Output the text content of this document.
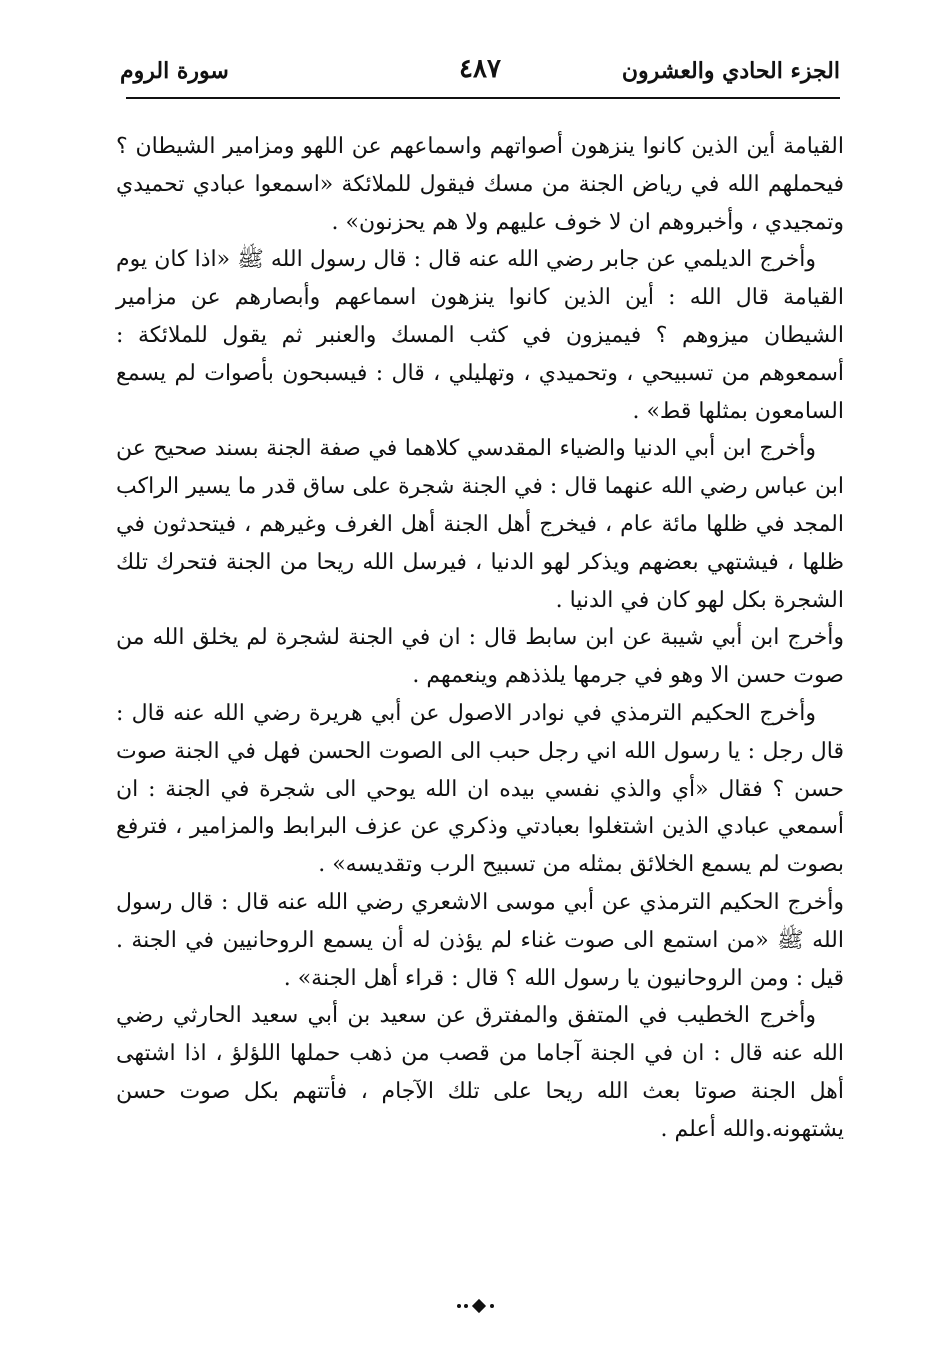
الجزء الحادي والعشرون
٤٨٧
سورة الروم

القيامة أين الذين كانوا ينزهون أصواتهم واسماعهم عن اللهو ومزامير الشيطان ؟ فيحملهم الله في رياض الجنة من مسك فيقول للملائكة «اسمعوا عبادي تحميدي وتمجيدي ، وأخبروهم ان لا خوف عليهم ولا هم يحزنون» .

وأخرج الديلمي عن جابر رضي الله عنه قال : قال رسول الله ﷺ «اذا كان يوم القيامة قال الله : أين الذين كانوا ينزهون اسماعهم وأبصارهم عن مزامير الشيطان ميزوهم ؟ فيميزون في كثب المسك والعنبر ثم يقول للملائكة : أسمعوهم من تسبيحي ، وتحميدي ، وتهليلي ، قال : فيسبحون بأصوات لم يسمع السامعون بمثلها قط» .

وأخرج ابن أبي الدنيا والضياء المقدسي كلاهما في صفة الجنة بسند صحيح عن ابن عباس رضي الله عنهما قال : في الجنة شجرة على ساق قدر ما يسير الراكب المجد في ظلها مائة عام ، فيخرج أهل الجنة أهل الغرف وغيرهم ، فيتحدثون في ظلها ، فيشتهي بعضهم ويذكر لهو الدنيا ، فيرسل الله ريحا من الجنة فتحرك تلك الشجرة بكل لهو كان في الدنيا .

وأخرج ابن أبي شيبة عن ابن سابط قال : ان في الجنة لشجرة لم يخلق الله من صوت حسن الا وهو في جرمها يلذذهم وينعمهم .

وأخرج الحكيم الترمذي في نوادر الاصول عن أبي هريرة رضي الله عنه قال : قال رجل : يا رسول الله اني رجل حبب الى الصوت الحسن فهل في الجنة صوت حسن ؟ فقال «أي والذي نفسي بيده ان الله يوحي الى شجرة في الجنة : ان أسمعي عبادي الذين اشتغلوا بعبادتي وذكري عن عزف البرابط والمزامير ، فترفع بصوت لم يسمع الخلائق بمثله من تسبيح الرب وتقديسه» .

وأخرج الحكيم الترمذي عن أبي موسى الاشعري رضي الله عنه قال : قال رسول الله ﷺ «من استمع الى صوت غناء لم يؤذن له أن يسمع الروحانيين في الجنة . قيل : ومن الروحانيون يا رسول الله ؟ قال : قراء أهل الجنة» .

وأخرج الخطيب في المتفق والمفترق عن سعيد بن أبي سعيد الحارثي رضي الله عنه قال : ان في الجنة آجاما من قصب من ذهب حملها اللؤلؤ ، اذا اشتهى أهل الجنة صوتا بعث الله ريحا على تلك الآجام ، فأتتهم بكل صوت حسن يشتهونه.والله أعلم .
